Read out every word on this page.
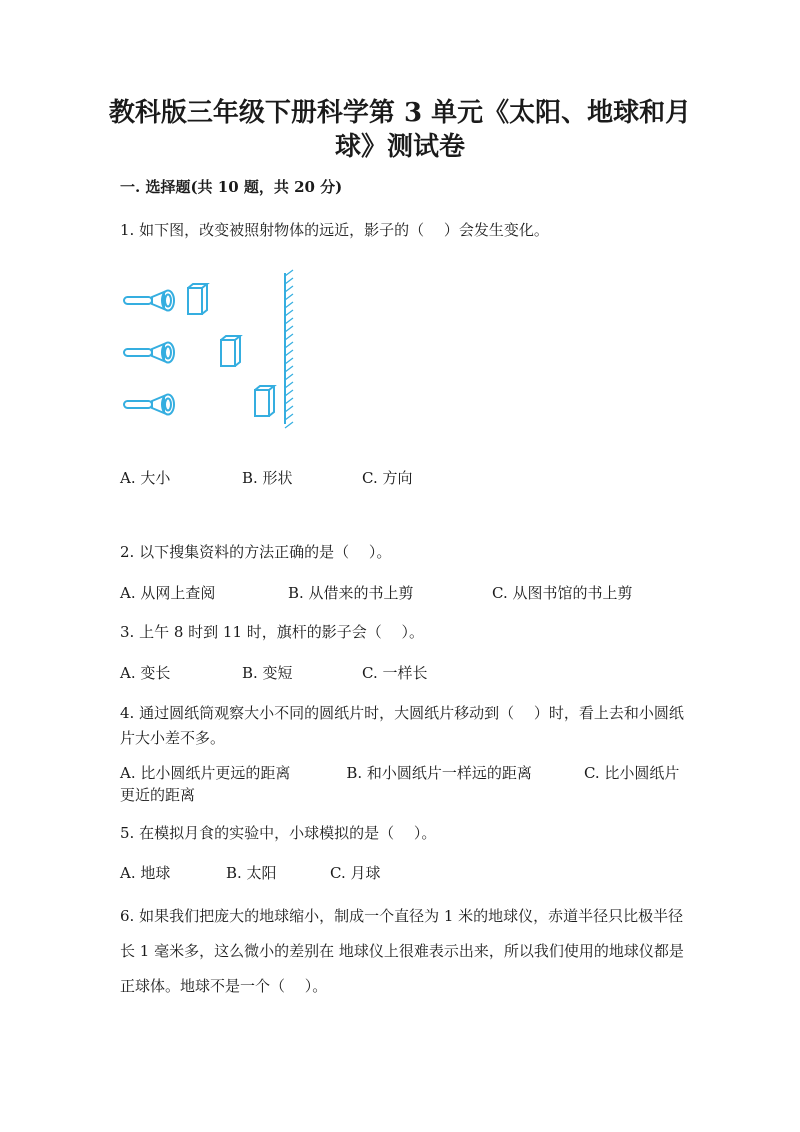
教科版三年级下册科学第 3 单元《太阳、地球和月球》测试卷
一. 选择题(共 10 题，共 20 分)
1. 如下图，改变被照射物体的远近，影子的（　 ）会发生变化。
A. 大小	B. 形状	C. 方向
2. 以下搜集资料的方法正确的是（　 ）。
A. 从网上查阅	B. 从借来的书上剪	C. 从图书馆的书上剪
3. 上午 8 时到 11 时，旗杆的影子会（　 ）。
A. 变长	B. 变短	C. 一样长
4. 通过圆纸筒观察大小不同的圆纸片时，大圆纸片移动到（　 ）时，看上去和小圆纸片大小差不多。
A. 比小圆纸片更远的距离	B. 和小圆纸片一样远的距离	C. 比小圆纸片更近的距离
5. 在模拟月食的实验中，小球模拟的是（　 ）。
A. 地球	B. 太阳	C. 月球
6. 如果我们把庞大的地球缩小，制成一个直径为 1 米的地球仪，赤道半径只比极半径长 1 毫米多，这么微小的差别在 地球仪上很难表示出来，所以我们使用的地球仪都是正球体。地球不是一个（　 ）。
